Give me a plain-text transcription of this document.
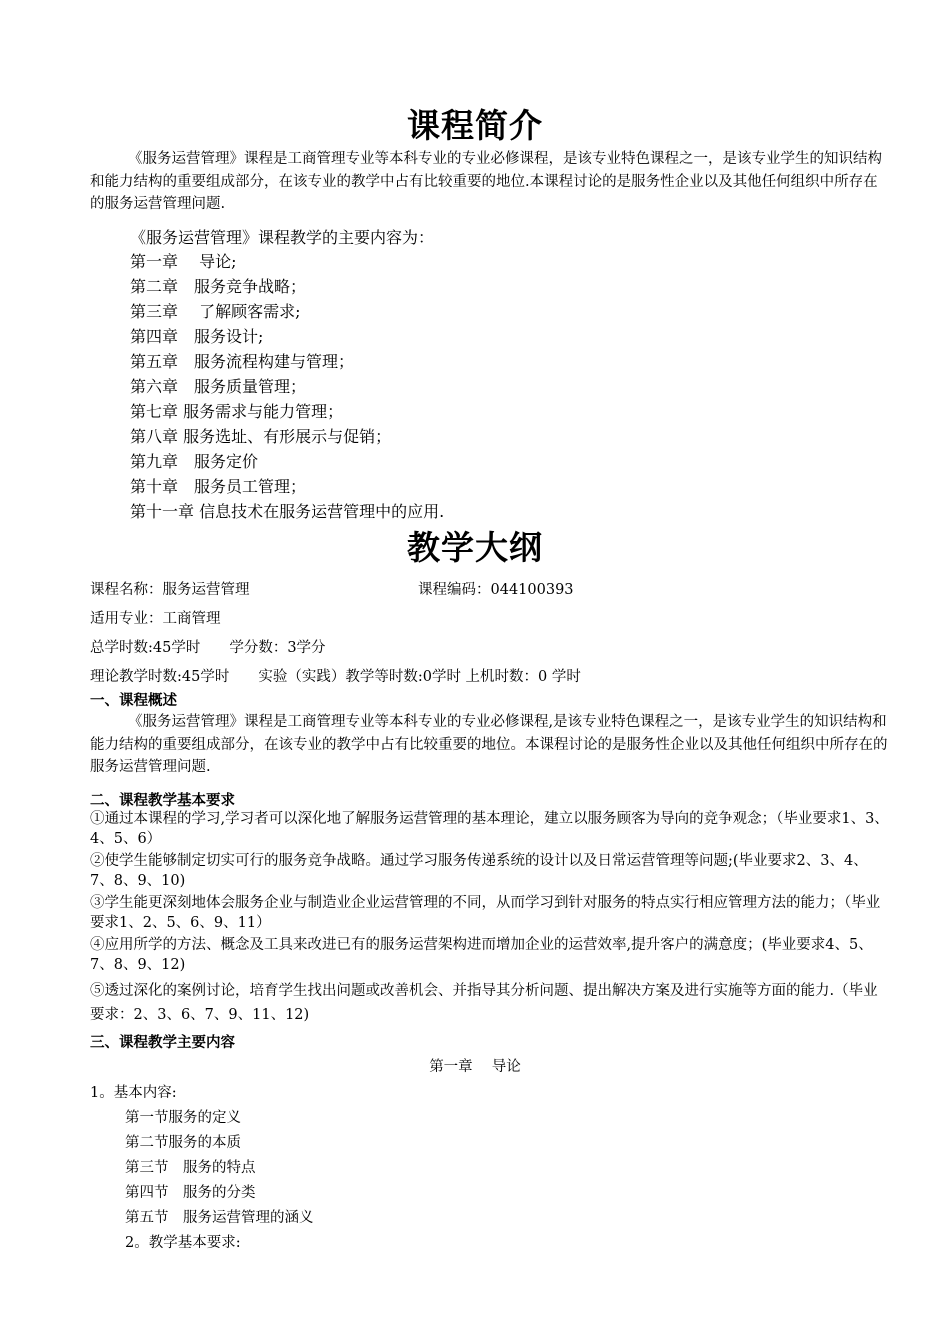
课程简介
《服务运营管理》课程是工商管理专业等本科专业的专业必修课程，是该专业特色课程之一，是该专业学生的知识结构和能力结构的重要组成部分，在该专业的教学中占有比较重要的地位.本课程讨论的是服务性企业以及其他任何组织中所存在的服务运营管理问题.
《服务运营管理》课程教学的主要内容为：
第一章　 导论;
第二章　服务竞争战略；
第三章　 了解顾客需求;
第四章　服务设计;
第五章　服务流程构建与管理；
第六章　服务质量管理；
第七章 服务需求与能力管理；
第八章 服务选址、有形展示与促销；
第九章　服务定价
第十章　服务员工管理；
第十一章 信息技术在服务运营管理中的应用.
教学大纲
课程名称：服务运营管理	课程编码：044100393
适用专业：工商管理
总学时数:45学时　　学分数：3学分
理论教学时数:45学时　　实验（实践）教学等时数:0学时 上机时数：0 学时
一、课程概述
《服务运营管理》课程是工商管理专业等本科专业的专业必修课程,是该专业特色课程之一，是该专业学生的知识结构和能力结构的重要组成部分，在该专业的教学中占有比较重要的地位。本课程讨论的是服务性企业以及其他任何组织中所存在的服务运营管理问题.
二、课程教学基本要求
①通过本课程的学习,学习者可以深化地了解服务运营管理的基本理论，建立以服务顾客为导向的竞争观念；（毕业要求1、3、4、5、6）
②使学生能够制定切实可行的服务竞争战略。通过学习服务传递系统的设计以及日常运营管理等问题;(毕业要求2、3、4、7、8、9、10)
③学生能更深刻地体会服务企业与制造业企业运营管理的不同，从而学习到针对服务的特点实行相应管理方法的能力；（毕业要求1、2、5、6、9、11）
④应用所学的方法、概念及工具来改进已有的服务运营架构进而增加企业的运营效率,提升客户的满意度；(毕业要求4、5、7、8、9、12)
⑤透过深化的案例讨论，培育学生找出问题或改善机会、并指导其分析问题、提出解决方案及进行实施等方面的能力.（毕业要求：2、3、6、7、9、11、12)
三、课程教学主要内容
第一章　 导论
1。基本内容:
第一节服务的定义
第二节服务的本质
第三节　服务的特点
第四节　服务的分类
第五节　服务运营管理的涵义
2。教学基本要求:
